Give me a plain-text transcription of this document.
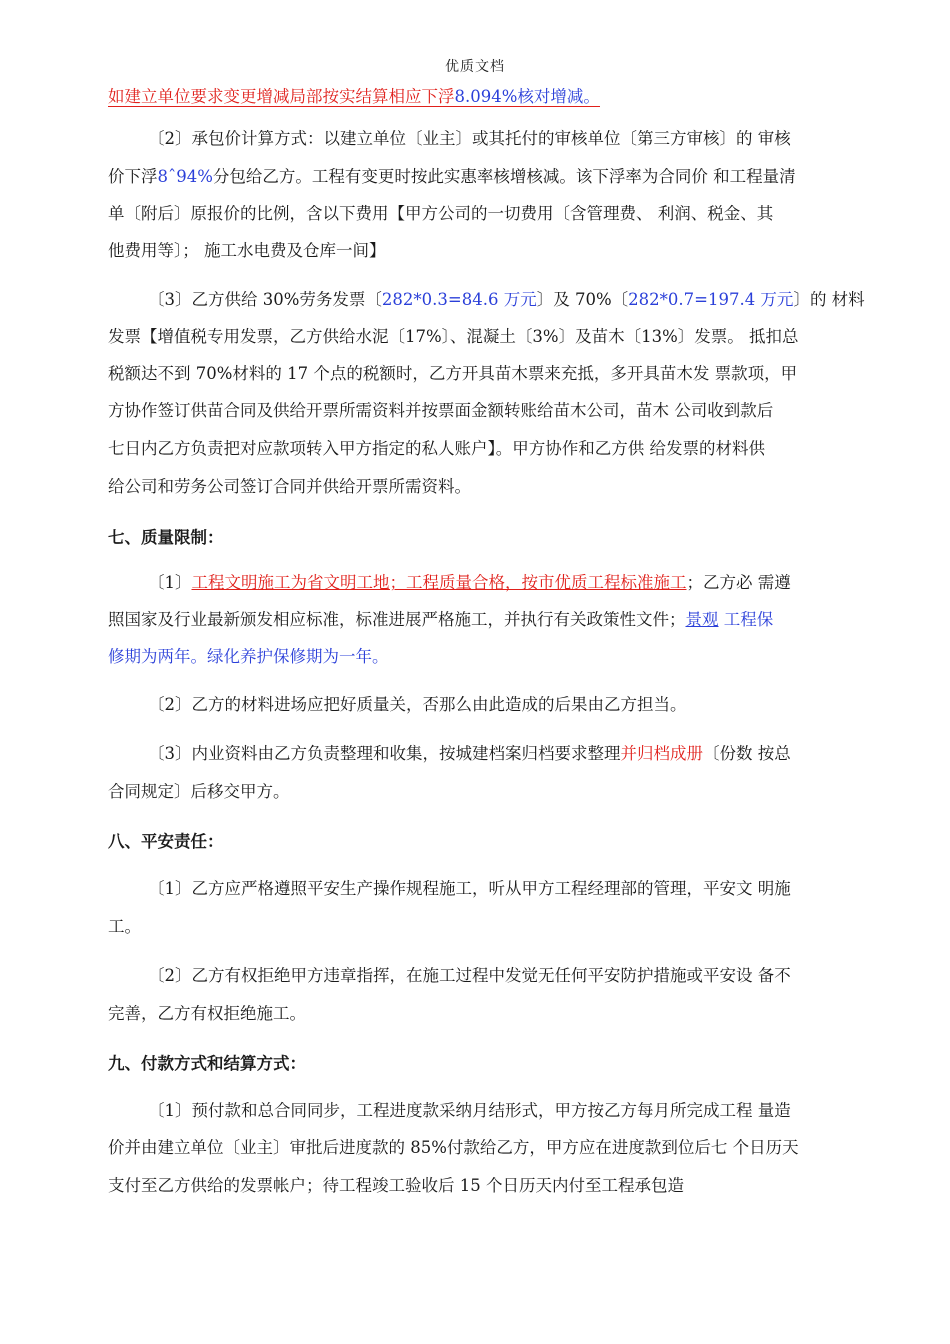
优质文档
如建立单位要求变更增减局部按实结算相应下浮8.094%核对增减。
〔2〕承包价计算方式：以建立单位〔业主〕或其托付的审核单位〔第三方审核〕的 审核
价下浮8ˆ94%分包给乙方。工程有变更时按此实惠率核增核减。该下浮率为合同价 和工程量清
单〔附后〕原报价的比例，含以下费用【甲方公司的一切费用〔含管理费、 利润、税金、其
他费用等〕； 施工水电费及仓库一间】
〔3〕乙方供给 30%劳务发票〔282*0.3=84.6 万元〕及 70%〔282*0.7=197.4 万元〕的 材料
发票【增值税专用发票，乙方供给水泥〔17%〕、混凝土〔3%〕及苗木〔13%〕发票。 抵扣总
税额达不到 70%材料的 17 个点的税额时，乙方开具苗木票来充抵，多开具苗木发 票款项，甲
方协作签订供苗合同及供给开票所需资料并按票面金额转账给苗木公司，苗木 公司收到款后
七日内乙方负责把对应款项转入甲方指定的私人账户】。甲方协作和乙方供 给发票的材料供
给公司和劳务公司签订合同并供给开票所需资料。
七、质量限制：
〔1〕工程文明施工为省文明工地；工程质量合格，按市优质工程标准施工；乙方必 需遵
照国家及行业最新颁发相应标准，标准进展严格施工，并执行有关政策性文件；景观 工程保
修期为两年。绿化养护保修期为一年。
〔2〕乙方的材料进场应把好质量关，否那么由此造成的后果由乙方担当。
〔3〕内业资料由乙方负责整理和收集，按城建档案归档要求整理并归档成册〔份数 按总
合同规定〕后移交甲方。
八、平安责任：
〔1〕乙方应严格遵照平安生产操作规程施工，听从甲方工程经理部的管理，平安文 明施
工。
〔2〕乙方有权拒绝甲方违章指挥，在施工过程中发觉无任何平安防护措施或平安设 备不
完善，乙方有权拒绝施工。
九、付款方式和结算方式：
〔1〕预付款和总合同同步，工程进度款采纳月结形式，甲方按乙方每月所完成工程 量造
价并由建立单位〔业主〕审批后进度款的 85%付款给乙方，甲方应在进度款到位后七 个日历天
支付至乙方供给的发票帐户；待工程竣工验收后 15 个日历天内付至工程承包造
